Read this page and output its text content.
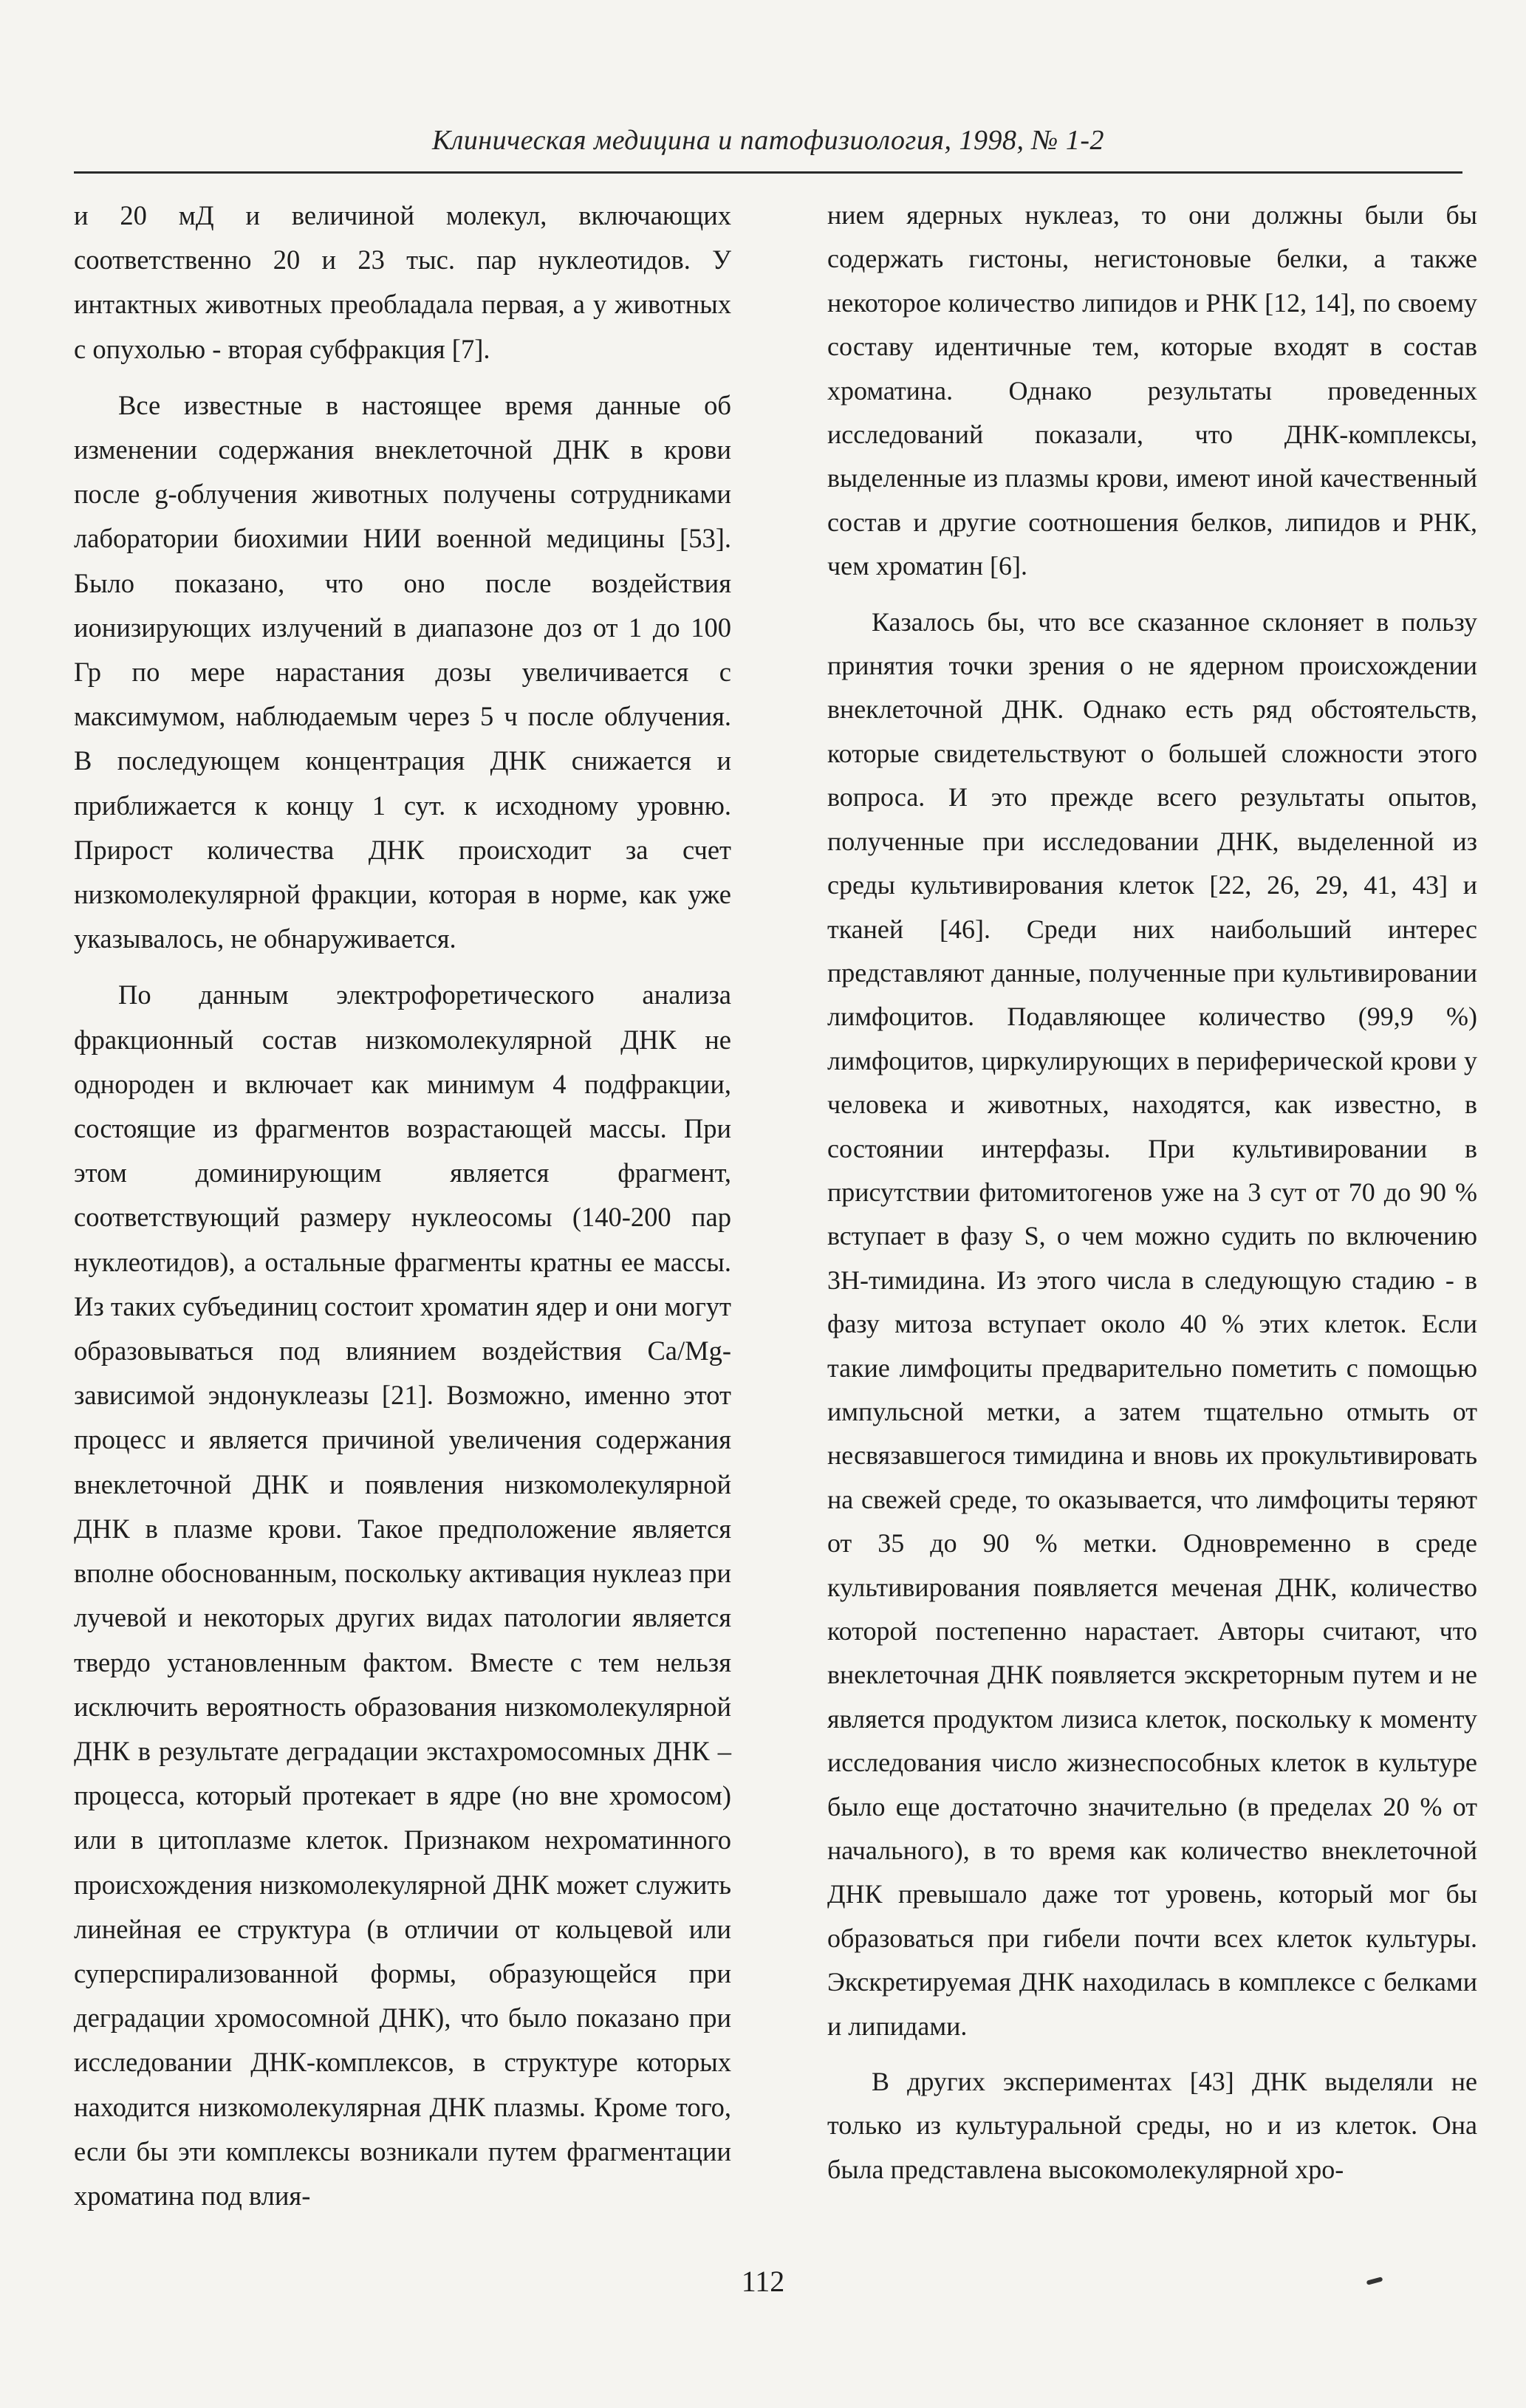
Клиническая медицина и патофизиология, 1998, № 1-2

и 20 мД и величиной молекул, включающих соответственно 20 и 23 тыс. пар нуклеотидов. У интактных животных преобладала первая, а у животных с опухолью - вторая субфракция [7].

Все известные в настоящее время данные об изменении содержания внеклеточной ДНК в крови после g-облучения животных получены сотрудниками лаборатории биохимии НИИ военной медицины [53]. Было показано, что оно после воздействия ионизирующих излучений в диапазоне доз от 1 до 100 Гр по мере нарастания дозы увеличивается с максимумом, наблюдаемым через 5 ч после облучения. В последующем концентрация ДНК снижается и приближается к концу 1 сут. к исходному уровню. Прирост количества ДНК происходит за счет низкомолекулярной фракции, которая в норме, как уже указывалось, не обнаруживается.

По данным электрофоретического анализа фракционный состав низкомолекулярной ДНК не однороден и включает как минимум 4 подфракции, состоящие из фрагментов возрастающей массы. При этом доминирующим является фрагмент, соответствующий размеру нуклеосомы (140-200 пар нуклеотидов), а остальные фрагменты кратны ее массы. Из таких субъединиц состоит хроматин ядер и они могут образовываться под влиянием воздействия Ca/Mg-зависимой эндонуклеазы [21]. Возможно, именно этот процесс и является причиной увеличения содержания внеклеточной ДНК и появления низкомолекулярной ДНК в плазме крови. Такое предположение является вполне обоснованным, поскольку активация нуклеаз при лучевой и некоторых других видах патологии является твердо установленным фактом. Вместе с тем нельзя исключить вероятность образования низкомолекулярной ДНК в результате деградации экстахромосомных ДНК – процесса, который протекает в ядре (но вне хромосом) или в цитоплазме клеток. Признаком нехроматинного происхождения низкомолекулярной ДНК может служить линейная ее структура (в отличии от кольцевой или суперспирализованной формы, образующейся при деградации хромосомной ДНК), что было показано при исследовании ДНК-комплексов, в структуре которых находится низкомолекулярная ДНК плазмы. Кроме того, если бы эти комплексы возникали путем фрагментации хроматина под влия-

нием ядерных нуклеаз, то они должны были бы содержать гистоны, негистоновые белки, а также некоторое количество липидов и РНК [12, 14], по своему составу идентичные тем, которые входят в состав хроматина. Однако результаты проведенных исследований показали, что ДНК-комплексы, выделенные из плазмы крови, имеют иной качественный состав и другие соотношения белков, липидов и РНК, чем хроматин [6].

Казалось бы, что все сказанное склоняет в пользу принятия точки зрения о не ядерном происхождении внеклеточной ДНК. Однако есть ряд обстоятельств, которые свидетельствуют о большей сложности этого вопроса. И это прежде всего результаты опытов, полученные при исследовании ДНК, выделенной из среды культивирования клеток [22, 26, 29, 41, 43] и тканей [46]. Среди них наибольший интерес представляют данные, полученные при культивировании лимфоцитов. Подавляющее количество (99,9 %) лимфоцитов, циркулирующих в периферической крови у человека и животных, находятся, как известно, в состоянии интерфазы. При культивировании в присутствии фитомитогенов уже на 3 сут от 70 до 90 % вступает в фазу S, о чем можно судить по включению 3Н-тимидина. Из этого числа в следующую стадию - в фазу митоза вступает около 40 % этих клеток. Если такие лимфоциты предварительно пометить с помощью импульсной метки, а затем тщательно отмыть от несвязавшегося тимидина и вновь их прокультивировать на свежей среде, то оказывается, что лимфоциты теряют от 35 до 90 % метки. Одновременно в среде культивирования появляется меченая ДНК, количество которой постепенно нарастает. Авторы считают, что внеклеточная ДНК появляется экскреторным путем и не является продуктом лизиса клеток, поскольку к моменту исследования число жизнеспособных клеток в культуре было еще достаточно значительно (в пределах 20 % от начального), в то время как количество внеклеточной ДНК превышало даже тот уровень, который мог бы образоваться при гибели почти всех клеток культуры. Экскретируемая ДНК находилась в комплексе с белками и липидами.

В других экспериментах [43] ДНК выделяли не только из культуральной среды, но и из клеток. Она была представлена высокомолекулярной хро-

112
